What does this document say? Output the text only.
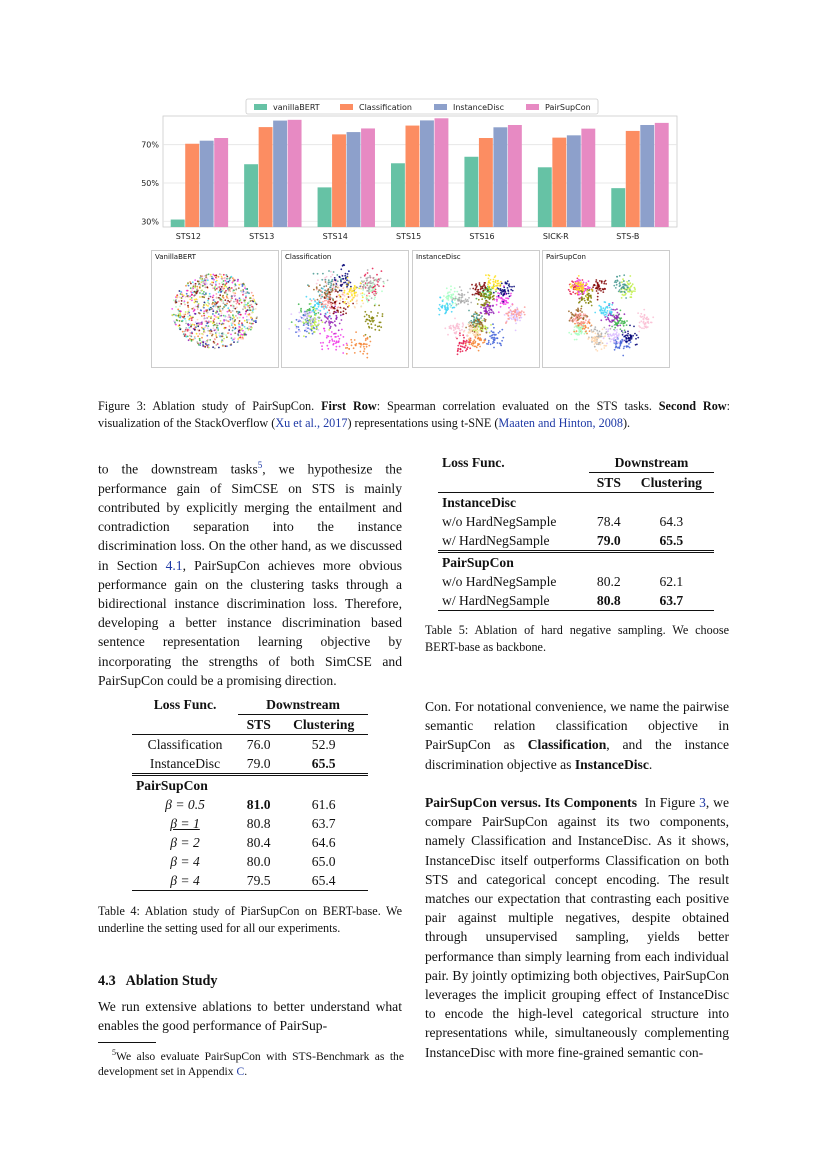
30%
50%
70%
STS12	STS13	STS14	STS15	STS16	SICK-R	STS-B
vanillaBERT	Classification	InstanceDisc	PairSupCon
VanillaBERT	Classification	InstanceDisc	PairSupCon
Figure 3: Ablation study of PairSupCon. First Row: Spearman correlation evaluated on the STS tasks. Second Row: visualization of the StackOverflow (Xu et al., 2017) representations using t-SNE (Maaten and Hinton, 2008).
to the downstream tasks$^5$, we hypothesize the performance gain of SimCSE on STS is mainly contributed by explicitly merging the entailment and contradiction separation into the instance discrimination loss. On the other hand, as we discussed in Section 4.1, PairSupCon achieves more obvious performance gain on the clustering tasks through a bidirectional instance discrimination loss. Therefore, developing a better instance discrimination based sentence representation learning objective by incorporating the strengths of both SimCSE and PairSupCon could be a promising direction.
Loss Func.	Downstream	
	STS	Clustering
InstanceDisc		
w/o HardNegSample	78.4	64.3
w/ HardNegSample	79.0	65.5
PairSupCon		
w/o HardNegSample	80.2	62.1
w/ HardNegSample	80.8	63.7
Table 5: Ablation of hard negative sampling. We choose BERT-base as backbone.
Loss Func.	Downstream	
	STS	Clustering
Classification	76.0	52.9
InstanceDisc	79.0	65.5
PairSupCon		
β = 0.5	81.0	61.6
β = 1	80.8	63.7
β = 2	80.4	64.6
β = 4	80.0	65.0
β = 4	79.5	65.4
Table 4: Ablation study of PiarSupCon on BERT-base. We underline the setting used for all our experiments.
4.3   Ablation Study
We run extensive ablations to better understand what enables the good performance of PairSup-
$^5$We also evaluate PairSupCon with STS-Benchmark as the development set in Appendix C.
Con. For notational convenience, we name the pairwise semantic relation classification objective in PairSupCon as Classification, and the instance discrimination objective as InstanceDisc.
PairSupCon versus. Its Components  In Figure 3, we compare PairSupCon against its two components, namely Classification and InstanceDisc. As it shows, InstanceDisc itself outperforms Classification on both STS and categorical concept encoding. The result matches our expectation that contrasting each positive pair against multiple negatives, despite obtained through unsupervised sampling, yields better performance than simply learning from each individual pair. By jointly optimizing both objectives, PairSupCon leverages the implicit grouping effect of InstanceDisc to encode the high-level categorical structure into representations while, simultaneously complementing InstanceDisc with more fine-grained semantic con-
